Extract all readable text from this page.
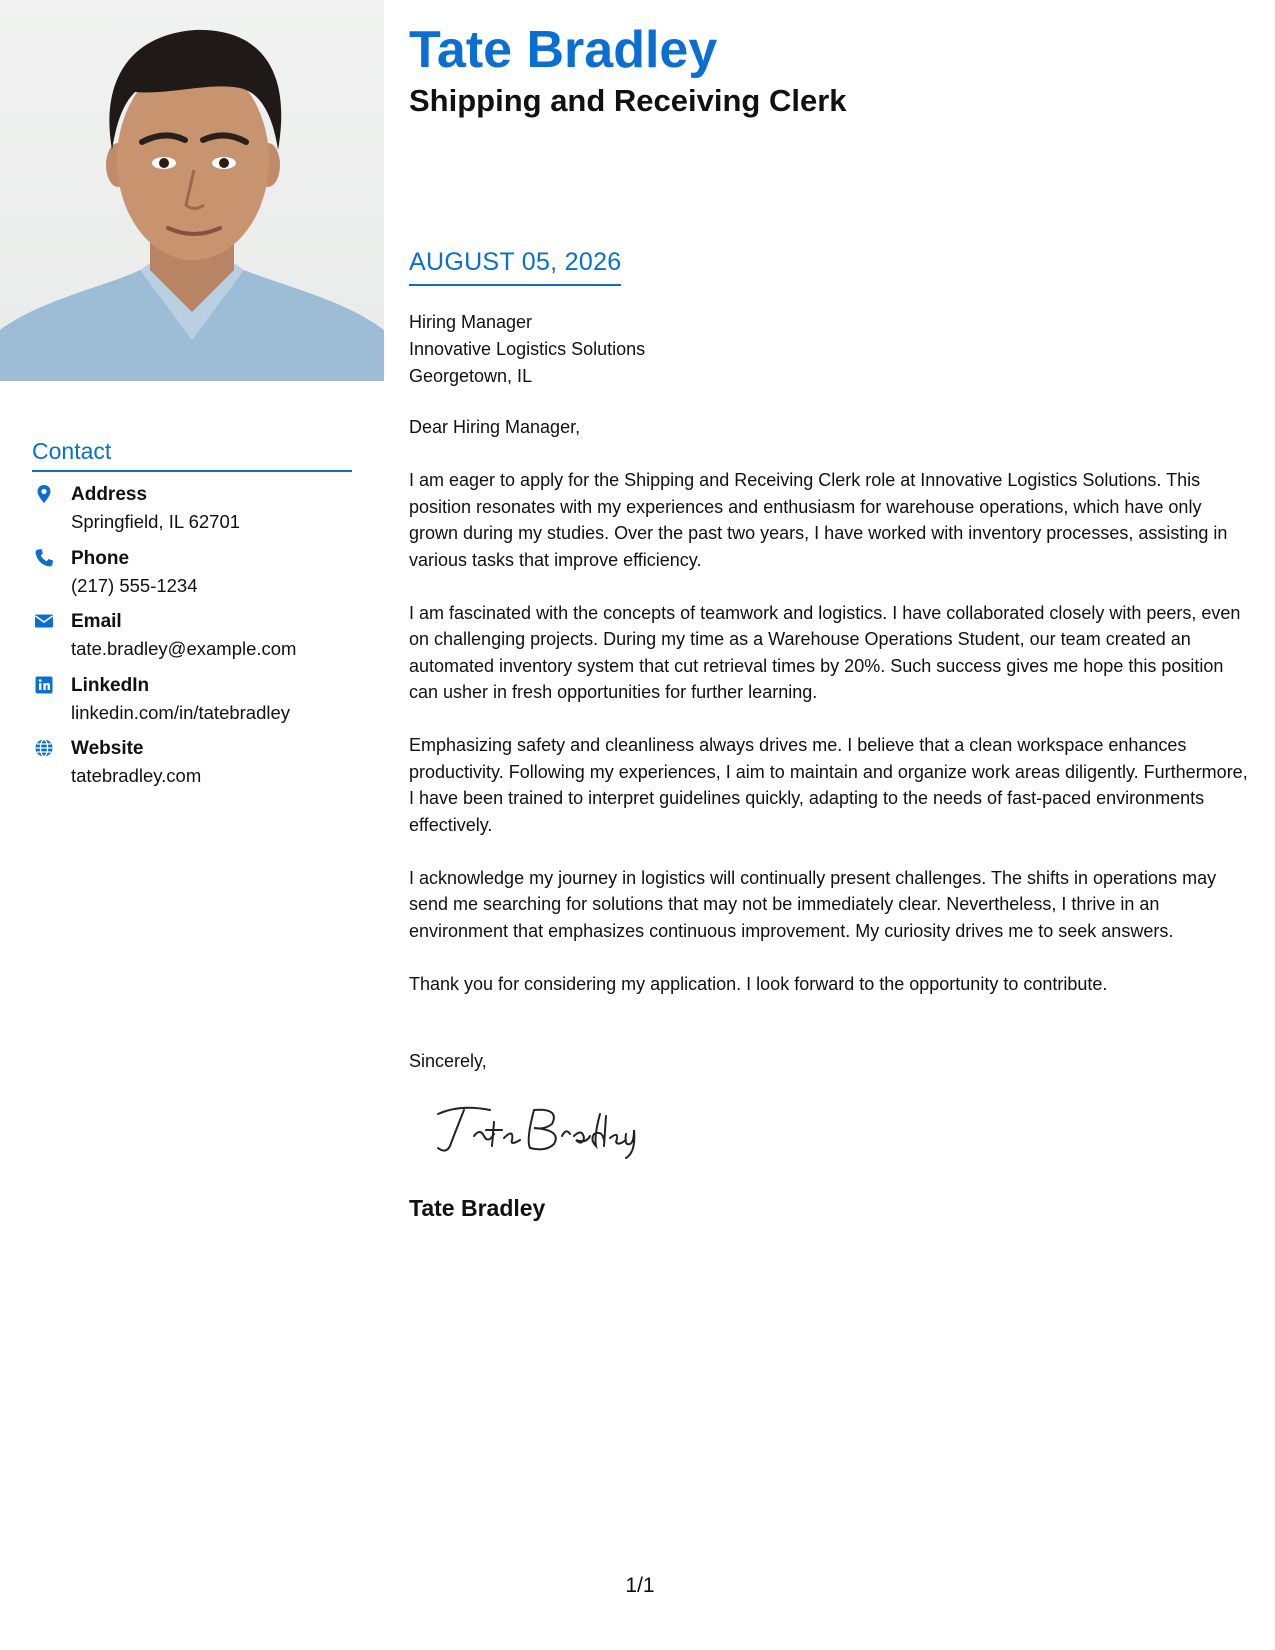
Tate Bradley
Shipping and Receiving Clerk
AUGUST 05, 2026
Hiring Manager
Innovative Logistics Solutions
Georgetown, IL

Dear Hiring Manager,

I am eager to apply for the Shipping and Receiving Clerk role at Innovative Logistics Solutions. This position resonates with my experiences and enthusiasm for warehouse operations, which have only grown during my studies. Over the past two years, I have worked with inventory processes, assisting in various tasks that improve efficiency.

I am fascinated with the concepts of teamwork and logistics. I have collaborated closely with peers, even on challenging projects. During my time as a Warehouse Operations Student, our team created an automated inventory system that cut retrieval times by 20%. Such success gives me hope this position can usher in fresh opportunities for further learning.

Emphasizing safety and cleanliness always drives me. I believe that a clean workspace enhances productivity. Following my experiences, I aim to maintain and organize work areas diligently. Furthermore, I have been trained to interpret guidelines quickly, adapting to the needs of fast-paced environments effectively.

I acknowledge my journey in logistics will continually present challenges. The shifts in operations may send me searching for solutions that may not be immediately clear. Nevertheless, I thrive in an environment that emphasizes continuous improvement. My curiosity drives me to seek answers.

Thank you for considering my application. I look forward to the opportunity to contribute.

Sincerely,
Tate Bradley
Contact
Address
Springfield, IL 62701
Phone
(217) 555-1234
Email
tate.bradley@example.com
LinkedIn
linkedin.com/in/tatebradley
Website
tatebradley.com
1/1
